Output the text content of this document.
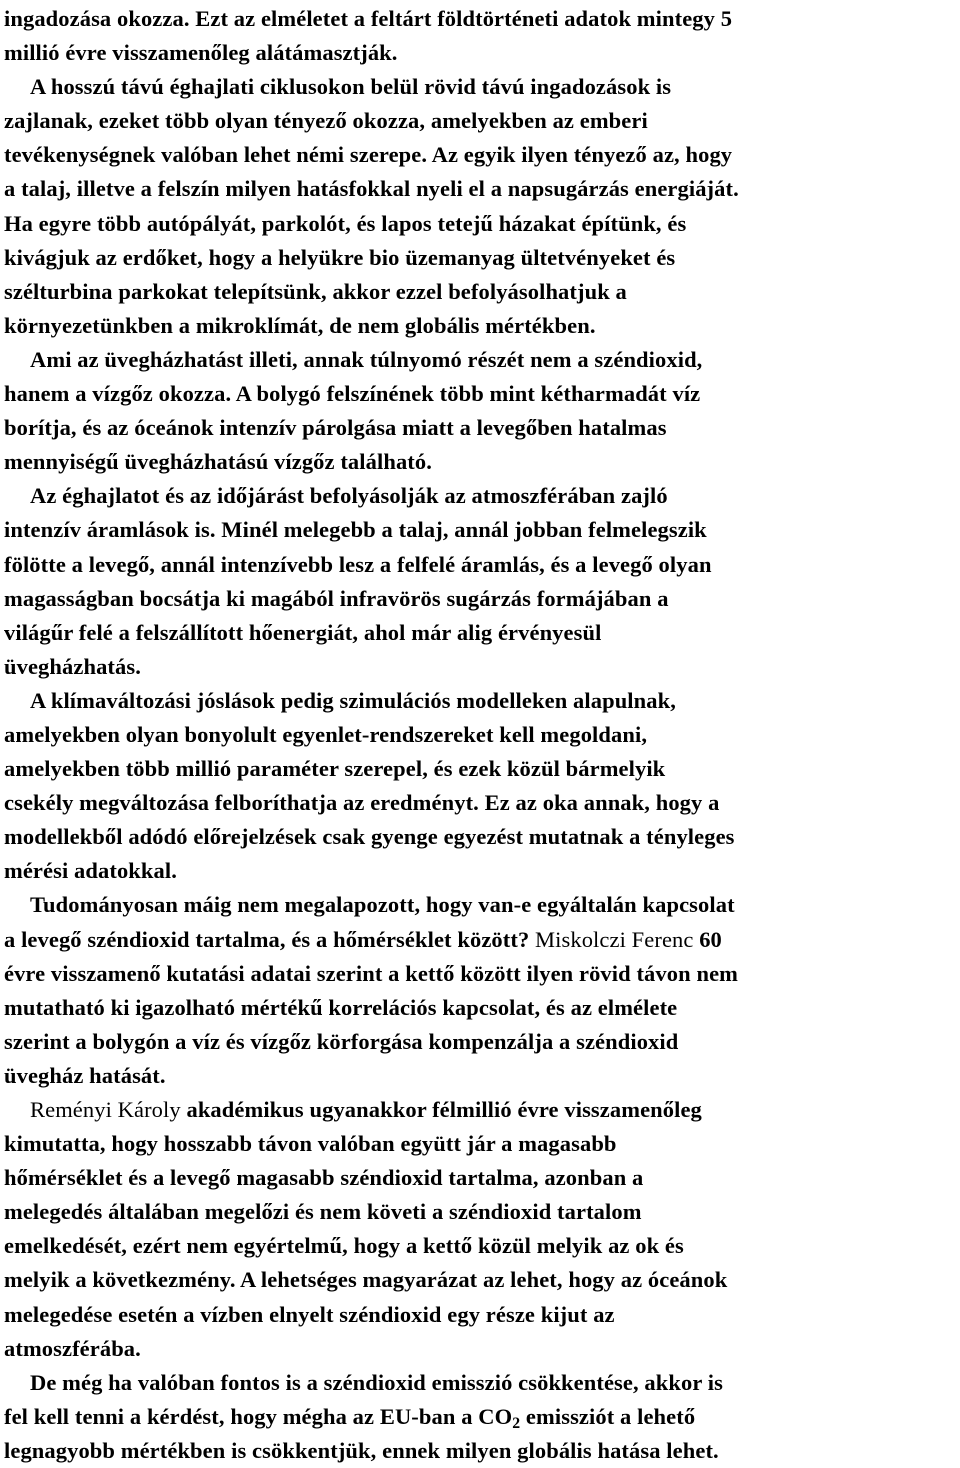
ingadozása okozza. Ezt az elméletet a feltárt földtörténeti adatok mintegy 5
millió évre visszamenőleg alátámasztják.

A hosszú távú éghajlati ciklusokon belül rövid távú ingadozások is
zajlanak, ezeket több olyan tényező okozza, amelyekben az emberi
tevékenységnek valóban lehet némi szerepe. Az egyik ilyen tényező az, hogy
a talaj, illetve a felszín milyen hatásfokkal nyeli el a napsugárzás energiáját.
Ha egyre több autópályát, parkolót, és lapos tetejű házakat építünk, és
kivágjuk az erdőket, hogy a helyükre bio üzemanyag ültetvényeket és
szélturbina parkokat telepítsünk, akkor ezzel befolyásolhatjuk a
környezetünkben a mikroklímát, de nem globális mértékben.

Ami az üvegházhatást illeti, annak túlnyomó részét nem a széndioxid,
hanem a vízgőz okozza. A bolygó felszínének több mint kétharmadát víz
borítja, és az óceánok intenzív párolgása miatt a levegőben hatalmas
mennyiségű üvegházhatású vízgőz található.

Az éghajlatot és az időjárást befolyásolják az atmoszférában zajló
intenzív áramlások is. Minél melegebb a talaj, annál jobban felmelegszik
fölötte a levegő, annál intenzívebb lesz a felfelé áramlás, és a levegő olyan
magasságban bocsátja ki magából infravörös sugárzás formájában a
világűr felé a felszállított hőenergiát, ahol már alig érvényesül
üvegházhatás.

A klímaváltozási jóslások pedig szimulációs modelleken alapulnak,
amelyekben olyan bonyolult egyenlet-rendszereket kell megoldani,
amelyekben több millió paraméter szerepel, és ezek közül bármelyik
csekély megváltozása felboríthatja az eredményt. Ez az oka annak, hogy a
modellekből adódó előrejelzések csak gyenge egyezést mutatnak a tényleges
mérési adatokkal.

Tudományosan máig nem megalapozott, hogy van-e egyáltalán kapcsolat
a levegő széndioxid tartalma, és a hőmérséklet között? Miskolczi Ferenc 60
évre visszamenő kutatási adatai szerint a kettő között ilyen rövid távon nem
mutatható ki igazolható mértékű korrelációs kapcsolat, és az elmélete
szerint a bolygón a víz és vízgőz körforgása kompenzálja a széndioxid
üvegház hatását.

Reményi Károly akadémikus ugyanakkor félmillió évre visszamenőleg
kimutatta, hogy hosszabb távon valóban együtt jár a magasabb
hőmérséklet és a levegő magasabb széndioxid tartalma, azonban a
melegedés általában megelőzi és nem követi a széndioxid tartalom
emelkedését, ezért nem egyértelmű, hogy a kettő közül melyik az ok és
melyik a következmény. A lehetséges magyarázat az lehet, hogy az óceánok
melegedése esetén a vízben elnyelt széndioxid egy része kijut az
atmoszférába.

De még ha valóban fontos is a széndioxid emisszió csökkentése, akkor is
fel kell tenni a kérdést, hogy mégha az EU-ban a $CO_2$ emissziót a lehető
legnagyobb mértékben is csökkentjük, ennek milyen globális hatása lehet.
